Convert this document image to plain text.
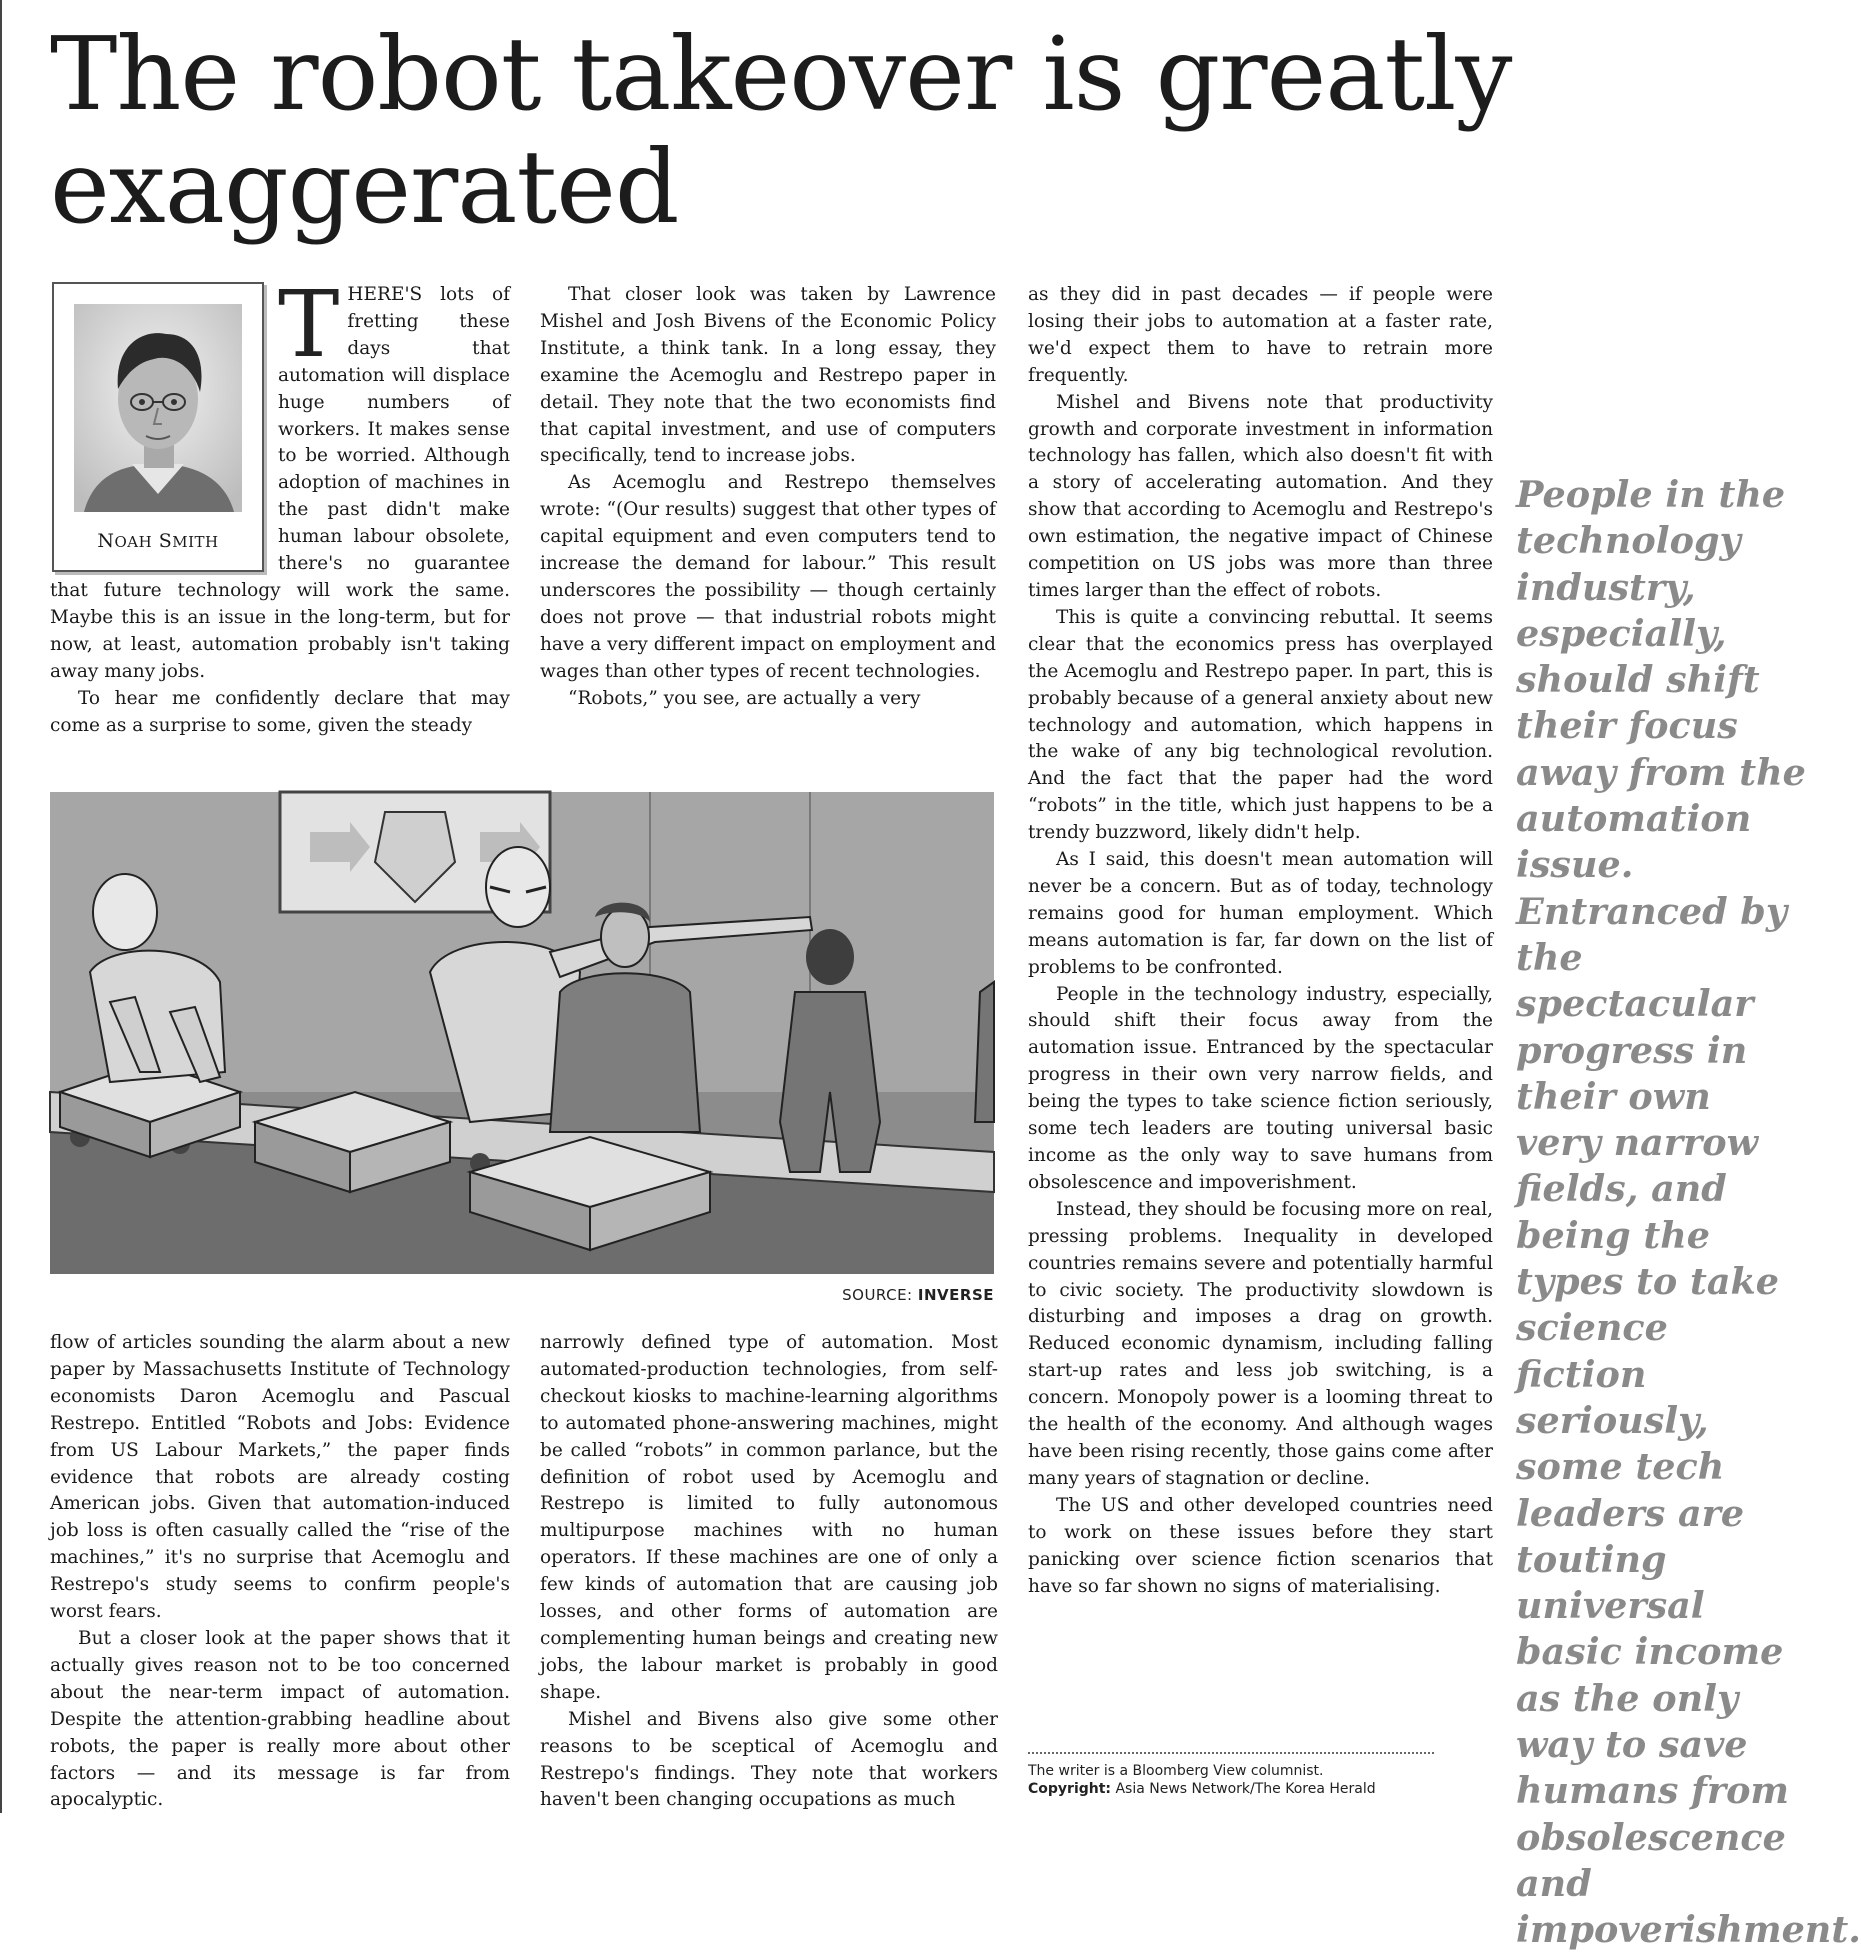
The robot takeover is greatly exaggerated
NOAH SMITH

THERE'S lots of fretting these days that automation will displace huge numbers of workers. It makes sense to be worried. Although adoption of machines in the past didn't make human labour obsolete, there's no guarantee that future technology will work the same. Maybe this is an issue in the long-term, but for now, at least, automation probably isn't taking away many jobs.

To hear me confidently declare that may come as a surprise to some, given the steady

That closer look was taken by Lawrence Mishel and Josh Bivens of the Economic Policy Institute, a think tank. In a long essay, they examine the Acemoglu and Restrepo paper in detail. They note that the two economists find that capital investment, and use of computers specifically, tend to increase jobs.

As Acemoglu and Restrepo themselves wrote: “(Our results) suggest that other types of capital equipment and even computers tend to increase the demand for labour.” This result underscores the possibility — though certainly does not prove — that industrial robots might have a very different impact on employment and wages than other types of recent technologies.

“Robots,” you see, are actually a very

SOURCE: INVERSE

flow of articles sounding the alarm about a new paper by Massachusetts Institute of Technology economists Daron Acemoglu and Pascual Restrepo. Entitled “Robots and Jobs: Evidence from US Labour Markets,” the paper finds evidence that robots are already costing American jobs. Given that automation-induced job loss is often casually called the “rise of the machines,” it's no surprise that Acemoglu and Restrepo's study seems to confirm people's worst fears.

But a closer look at the paper shows that it actually gives reason not to be too concerned about the near-term impact of automation. Despite the attention-grabbing headline about robots, the paper is really more about other factors — and its message is far from apocalyptic.

narrowly defined type of automation. Most automated-production technologies, from self-checkout kiosks to machine-learning algorithms to automated phone-answering machines, might be called “robots” in common parlance, but the definition of robot used by Acemoglu and Restrepo is limited to fully autonomous multipurpose machines with no human operators. If these machines are one of only a few kinds of automation that are causing job losses, and other forms of automation are complementing human beings and creating new jobs, the labour market is probably in good shape.

Mishel and Bivens also give some other reasons to be sceptical of Acemoglu and Restrepo's findings. They note that workers haven't been changing occupations as much

as they did in past decades — if people were losing their jobs to automation at a faster rate, we'd expect them to have to retrain more frequently.

Mishel and Bivens note that productivity growth and corporate investment in information technology has fallen, which also doesn't fit with a story of accelerating automation. And they show that according to Acemoglu and Restrepo's own estimation, the negative impact of Chinese competition on US jobs was more than three times larger than the effect of robots.

This is quite a convincing rebuttal. It seems clear that the economics press has overplayed the Acemoglu and Restrepo paper. In part, this is probably because of a general anxiety about new technology and automation, which happens in the wake of any big technological revolution. And the fact that the paper had the word “robots” in the title, which just happens to be a trendy buzzword, likely didn't help.

As I said, this doesn't mean automation will never be a concern. But as of today, technology remains good for human employment. Which means automation is far, far down on the list of problems to be confronted.

People in the technology industry, especially, should shift their focus away from the automation issue. Entranced by the spectacular progress in their own very narrow fields, and being the types to take science fiction seriously, some tech leaders are touting universal basic income as the only way to save humans from obsolescence and impoverishment.

Instead, they should be focusing more on real, pressing problems. Inequality in developed countries remains severe and potentially harmful to civic society. The productivity slowdown is disturbing and imposes a drag on growth. Reduced economic dynamism, including falling start-up rates and less job switching, is a concern. Monopoly power is a looming threat to the health of the economy. And although wages have been rising recently, those gains come after many years of stagnation or decline.

The US and other developed countries need to work on these issues before they start panicking over science fiction scenarios that have so far shown no signs of materialising.

People in the technology industry, especially, should shift their focus away from the automation issue. Entranced by the spectacular progress in their own very narrow fields, and being the types to take science fiction seriously, some tech leaders are touting universal basic income as the only way to save humans from obsolescence and impoverishment.

The writer is a Bloomberg View columnist.
Copyright: Asia News Network/The Korea Herald
